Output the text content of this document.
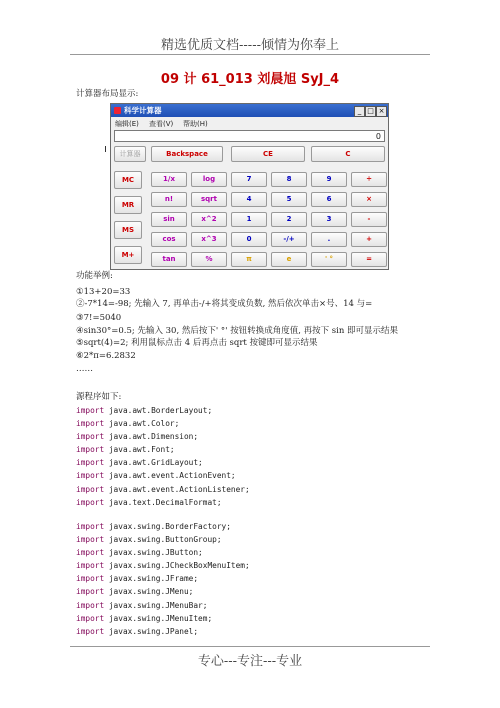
精选优质文档-----倾情为你奉上
09 计 61_013 刘晨旭 SyJ_4
计算器布局显示:
科学计算器	_ □ ×
编辑(E) 查看(V) 帮助(H)
0
计算器
MC
MR
MS
M+
Backspace	CE	C
1/x	log	7	8	9	÷
n!	sqrt	4	5	6	×
sin	x^2	1	2	3	-
cos	x^3	0	-/+	.	+
tan	%	π	e	' °	=
功能举例:
①13+20=33
②-7*14=-98; 先输入 7, 再单击-/+将其变成负数, 然后依次单击×号、14 与=
③7!=5040
④sin30°=0.5; 先输入 30, 然后按下' °' 按钮转换成角度值, 再按下 sin 即可显示结果
⑤sqrt(4)=2; 利用鼠标点击 4 后再点击 sqrt 按键即可显示结果
⑥2*π=6.2832
……
源程序如下:
import java.awt.BorderLayout;
import java.awt.Color;
import java.awt.Dimension;
import java.awt.Font;
import java.awt.GridLayout;
import java.awt.event.ActionEvent;
import java.awt.event.ActionListener;
import java.text.DecimalFormat;
import javax.swing.BorderFactory;
import javax.swing.ButtonGroup;
import javax.swing.JButton;
import javax.swing.JCheckBoxMenuItem;
import javax.swing.JFrame;
import javax.swing.JMenu;
import javax.swing.JMenuBar;
import javax.swing.JMenuItem;
import javax.swing.JPanel;
专心---专注---专业
